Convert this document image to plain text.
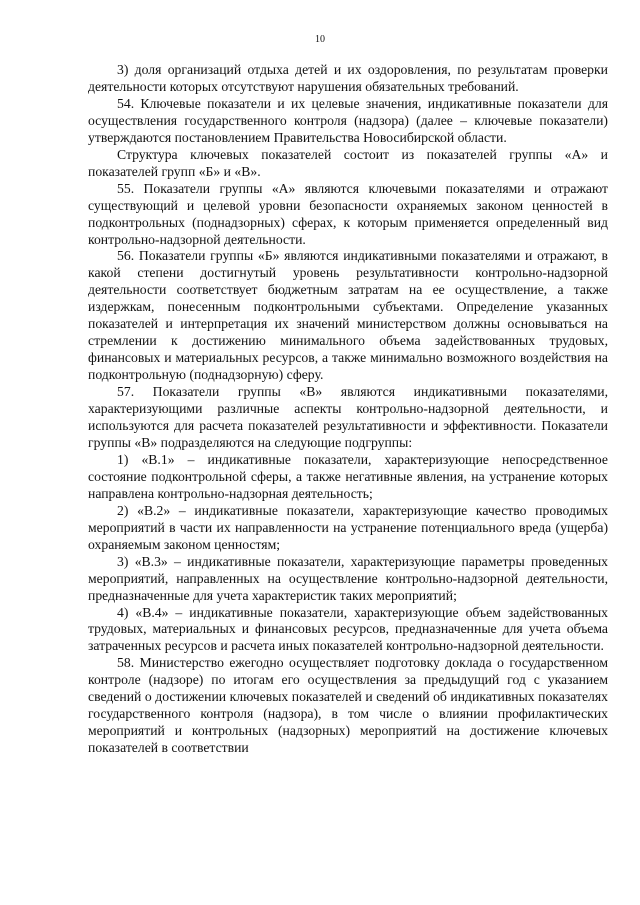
10

3) доля организаций отдыха детей и их оздоровления, по результатам проверки деятельности которых отсутствуют нарушения обязательных требований.

54. Ключевые показатели и их целевые значения, индикативные показатели для осуществления государственного контроля (надзора) (далее – ключевые показатели) утверждаются постановлением Правительства Новосибирской области.

Структура ключевых показателей состоит из показателей группы «А» и показателей групп «Б» и «В».

55. Показатели группы «А» являются ключевыми показателями и отражают существующий и целевой уровни безопасности охраняемых законом ценностей в подконтрольных (поднадзорных) сферах, к которым применяется определенный вид контрольно-надзорной деятельности.

56. Показатели группы «Б» являются индикативными показателями и отражают, в какой степени достигнутый уровень результативности контрольно-надзорной деятельности соответствует бюджетным затратам на ее осуществление, а также издержкам, понесенным подконтрольными субъектами. Определение указанных показателей и интерпретация их значений министерством должны основываться на стремлении к достижению минимального объема задействованных трудовых, финансовых и материальных ресурсов, а также минимально возможного воздействия на подконтрольную (поднадзорную) сферу.

57. Показатели группы «В» являются индикативными показателями, характеризующими различные аспекты контрольно-надзорной деятельности, и используются для расчета показателей результативности и эффективности. Показатели группы «В» подразделяются на следующие подгруппы:

1) «В.1» – индикативные показатели, характеризующие непосредственное состояние подконтрольной сферы, а также негативные явления, на устранение которых направлена контрольно-надзорная деятельность;

2) «В.2» – индикативные показатели, характеризующие качество проводимых мероприятий в части их направленности на устранение потенциального вреда (ущерба) охраняемым законом ценностям;

3) «В.3» – индикативные показатели, характеризующие параметры проведенных мероприятий, направленных на осуществление контрольно-надзорной деятельности, предназначенные для учета характеристик таких мероприятий;

4) «В.4» – индикативные показатели, характеризующие объем задействованных трудовых, материальных и финансовых ресурсов, предназначенные для учета объема затраченных ресурсов и расчета иных показателей контрольно-надзорной деятельности.

58. Министерство ежегодно осуществляет подготовку доклада о государственном контроле (надзоре) по итогам его осуществления за предыдущий год с указанием сведений о достижении ключевых показателей и сведений об индикативных показателях государственного контроля (надзора), в том числе о влиянии профилактических мероприятий и контрольных (надзорных) мероприятий на достижение ключевых показателей в соответствии
